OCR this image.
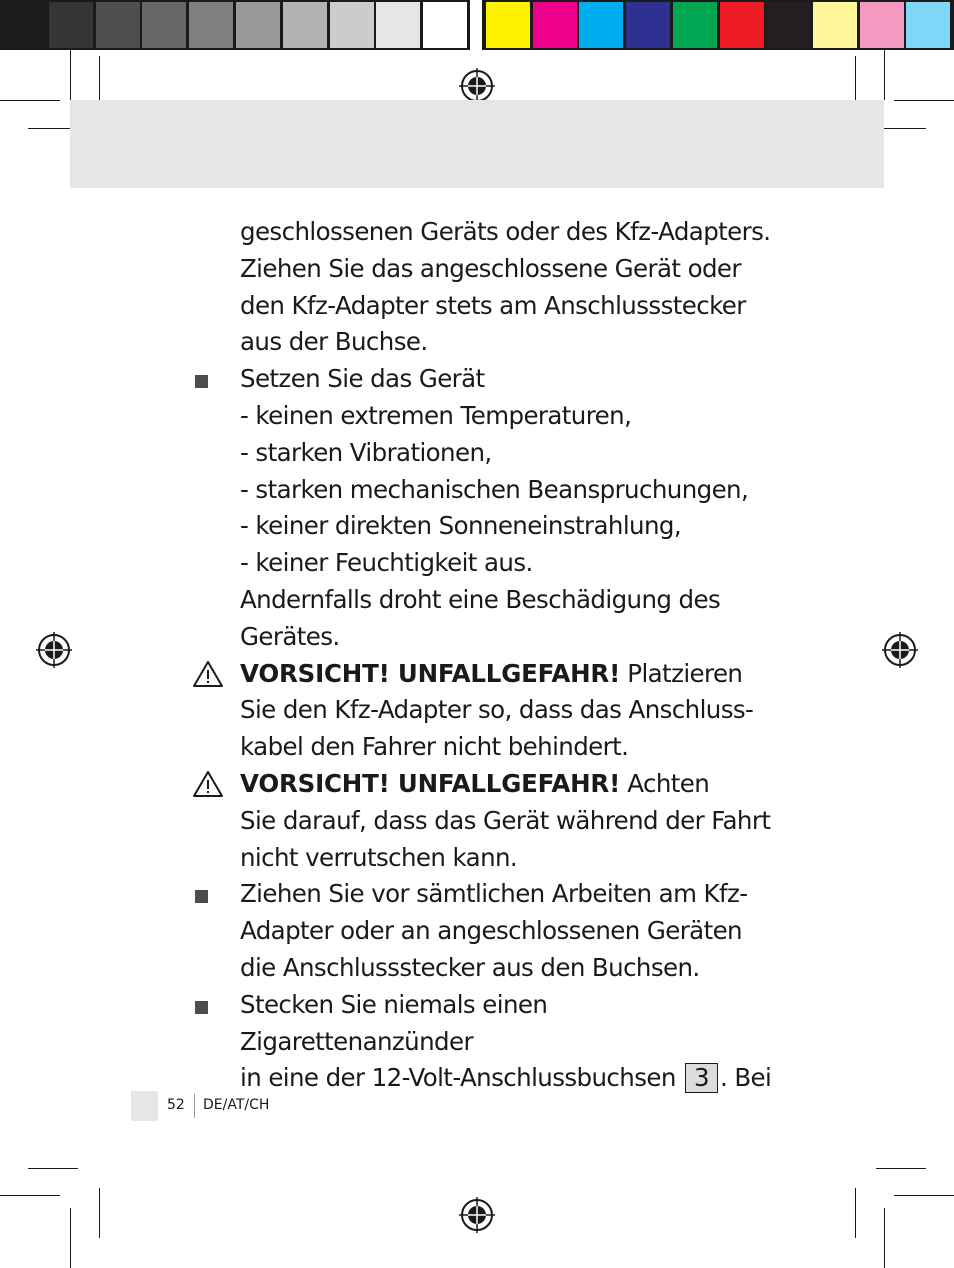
geschlossenen Geräts oder des Kfz-Adapters.

Ziehen Sie das angeschlossene Gerät oder

den Kfz-Adapter stets am Anschlussstecker

aus der Buchse.

Setzen Sie das Gerät

- keinen extremen Temperaturen,

- starken Vibrationen,

- starken mechanischen Beanspruchungen,

- keiner direkten Sonneneinstrahlung,

- keiner Feuchtigkeit aus.

Andernfalls droht eine Beschädigung des

Gerätes.

VORSICHT! UNFALLGEFAHR! Platzieren

Sie den Kfz-Adapter so, dass das Anschluss-

kabel den Fahrer nicht behindert.

VORSICHT! UNFALLGEFAHR! Achten

Sie darauf, dass das Gerät während der Fahrt

nicht verrutschen kann.

Ziehen Sie vor sämtlichen Arbeiten am Kfz-

Adapter oder an angeschlossenen Geräten

die Anschlussstecker aus den Buchsen.

Stecken Sie niemals einen Zigarettenanzünder

in eine der 12-Volt-Anschlussbuchsen 3 . Bei

52 DE/AT/CH
